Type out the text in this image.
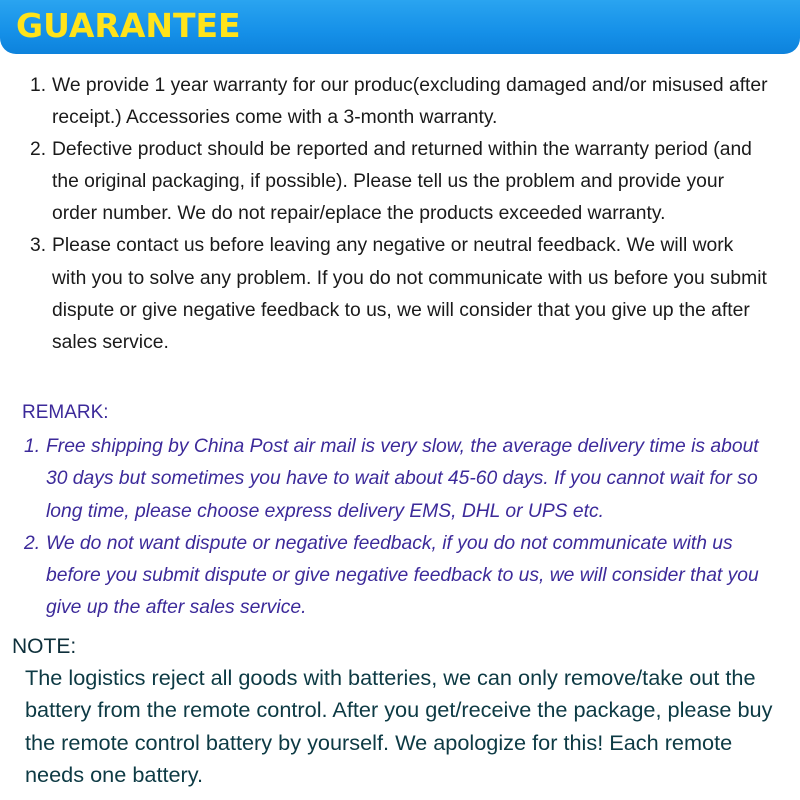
GUARANTEE
1. We provide 1 year warranty for our produc(excluding damaged and/or misused after receipt.) Accessories come with a 3-month warranty.
2. Defective product should be reported and returned within the warranty period (and the original packaging, if possible). Please tell us the problem and provide your order number. We do not repair/eplace the products exceeded warranty.
3. Please contact us before leaving any negative or neutral feedback. We will work with you to solve any problem. If you do not communicate with us before you submit dispute or give negative feedback to us, we will consider that you give up the after sales service.
REMARK:
1. Free shipping by China Post air mail is very slow, the average delivery time is about 30 days but sometimes you have to wait about 45-60 days. If you cannot wait for so long time, please choose express delivery EMS, DHL or UPS etc.
2. We do not want dispute or negative feedback, if you do not communicate with us before you submit dispute or give negative feedback to us, we will consider that you give up the after sales service.
NOTE:
The logistics reject all goods with batteries, we can only remove/take out the battery from the remote control. After you get/receive the package, please buy the remote control battery by yourself. We apologize for this! Each remote needs one battery.
